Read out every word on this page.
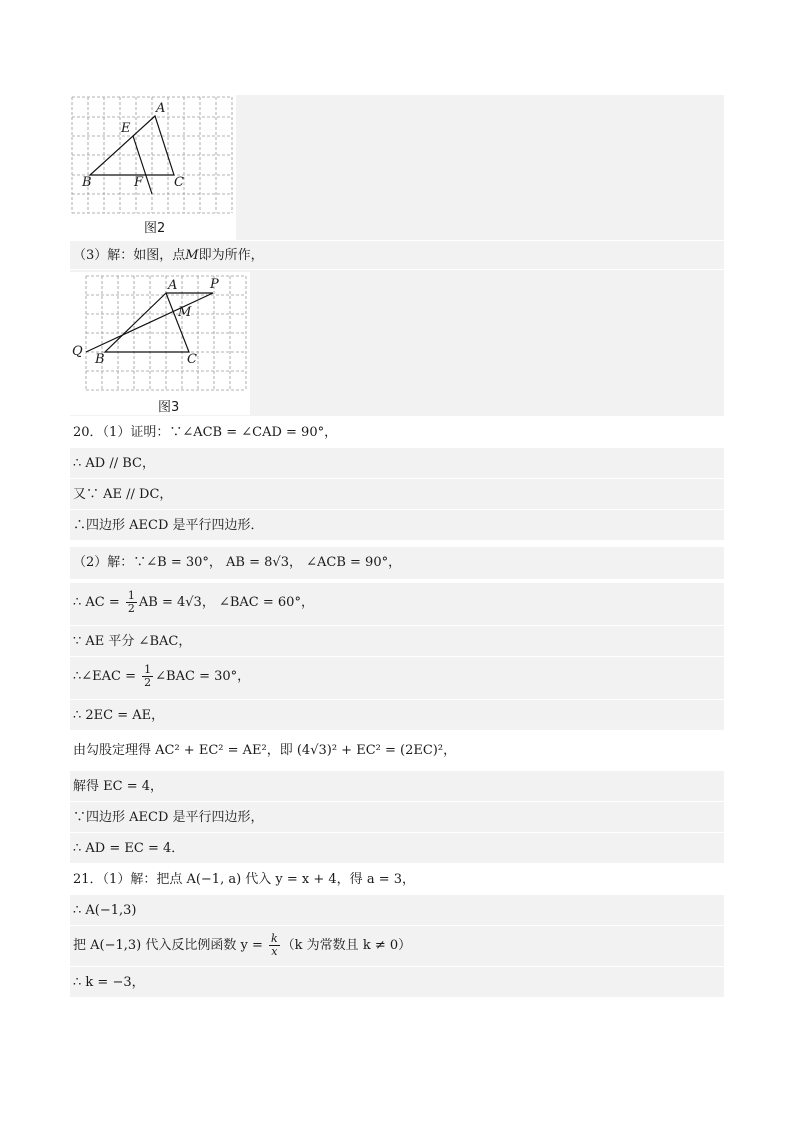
A
E
B	F C
图2
（3）解：如图，点M即为所作，
A	P
M
Q
B	C
图3
20．（1）证明：∵∠ACB = ∠CAD = 90°，
∴ AD // BC，
又∵ AE // DC，
∴四边形 AECD 是平行四边形．
（2）解：∵∠B = 30°， AB = 8√3， ∠ACB = 90°，
∴ AC = $\frac{1}{2}$ AB = 4√3， ∠BAC = 60°，
∵ AE 平分 ∠BAC，
∴∠EAC = $\frac{1}{2}$ ∠BAC = 30°，
∴ 2EC = AE，
由勾股定理得 AC² + EC² = AE²，即 (4√3)² + EC² = (2EC)²，
解得 EC = 4，
∵四边形 AECD 是平行四边形，
∴ AD = EC = 4．
21．（1）解：把点 A(−1, a) 代入 y = x + 4，得 a = 3，
∴ A(−1,3)
把 A(−1,3) 代入反比例函数 $y = \frac{k}{x} (k$ 为常数且 k ≠ 0）
∴ k = −3，
